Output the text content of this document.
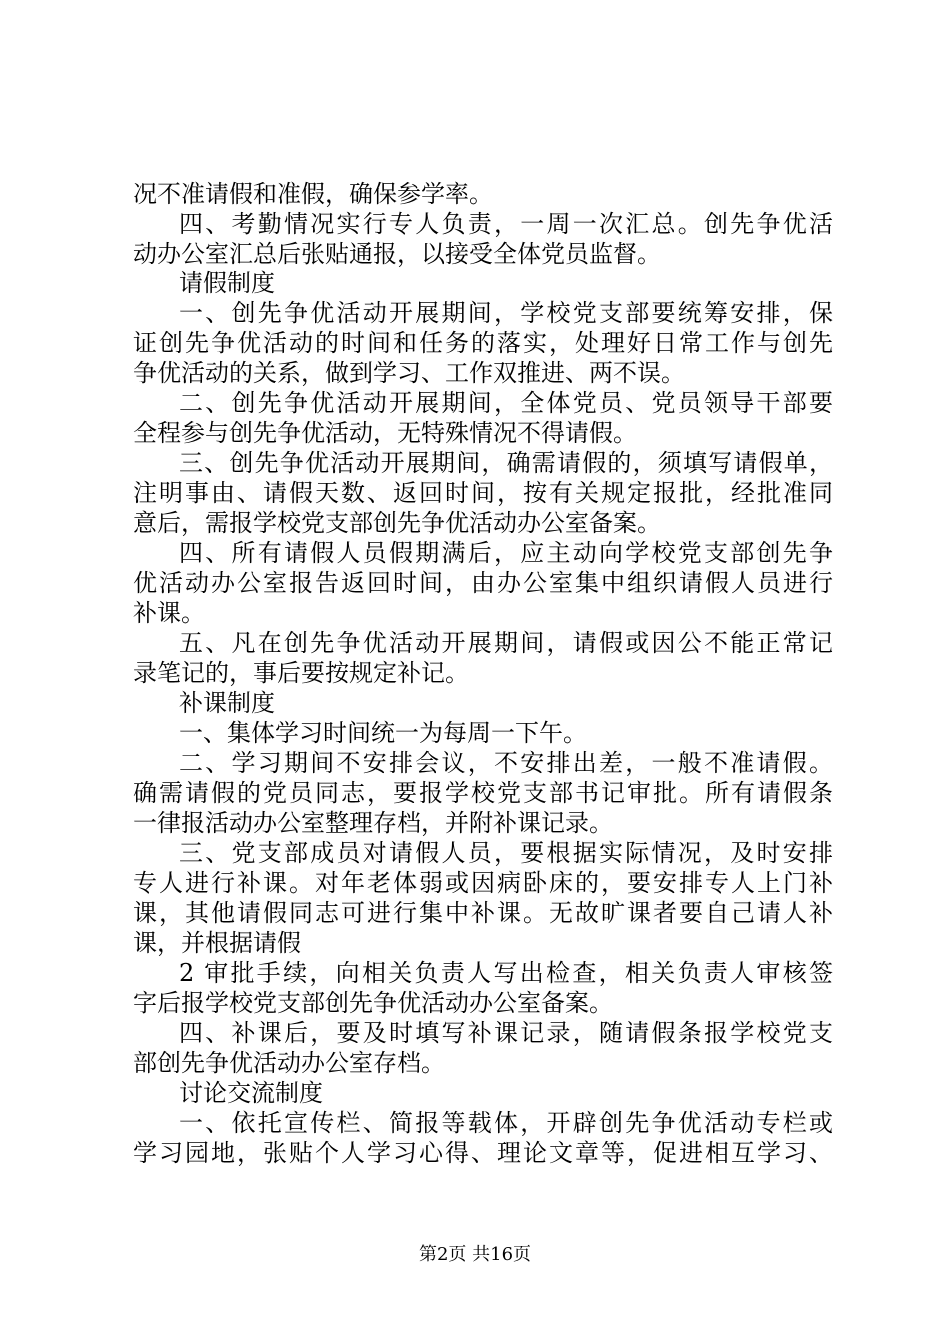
况不准请假和准假，确保参学率。
四、考勤情况实行专人负责，一周一次汇总。创先争优活
动办公室汇总后张贴通报，以接受全体党员监督。
请假制度
一、创先争优活动开展期间，学校党支部要统筹安排，保
证创先争优活动的时间和任务的落实，处理好日常工作与创先
争优活动的关系，做到学习、工作双推进、两不误。
二、创先争优活动开展期间，全体党员、党员领导干部要
全程参与创先争优活动，无特殊情况不得请假。
三、创先争优活动开展期间，确需请假的，须填写请假单，
注明事由、请假天数、返回时间，按有关规定报批，经批准同
意后，需报学校党支部创先争优活动办公室备案。
四、所有请假人员假期满后，应主动向学校党支部创先争
优活动办公室报告返回时间，由办公室集中组织请假人员进行
补课。
五、凡在创先争优活动开展期间，请假或因公不能正常记
录笔记的，事后要按规定补记。
补课制度
一、集体学习时间统一为每周一下午。
二、学习期间不安排会议，不安排出差，一般不准请假。
确需请假的党员同志，要报学校党支部书记审批。所有请假条
一律报活动办公室整理存档，并附补课记录。
三、党支部成员对请假人员，要根据实际情况，及时安排
专人进行补课。对年老体弱或因病卧床的，要安排专人上门补
课，其他请假同志可进行集中补课。无故旷课者要自己请人补
课，并根据请假
2 审批手续，向相关负责人写出检查，相关负责人审核签
字后报学校党支部创先争优活动办公室备案。
四、补课后，要及时填写补课记录，随请假条报学校党支
部创先争优活动办公室存档。
讨论交流制度
一、依托宣传栏、简报等载体，开辟创先争优活动专栏或
学习园地，张贴个人学习心得、理论文章等，促进相互学习、
第2页 共16页
